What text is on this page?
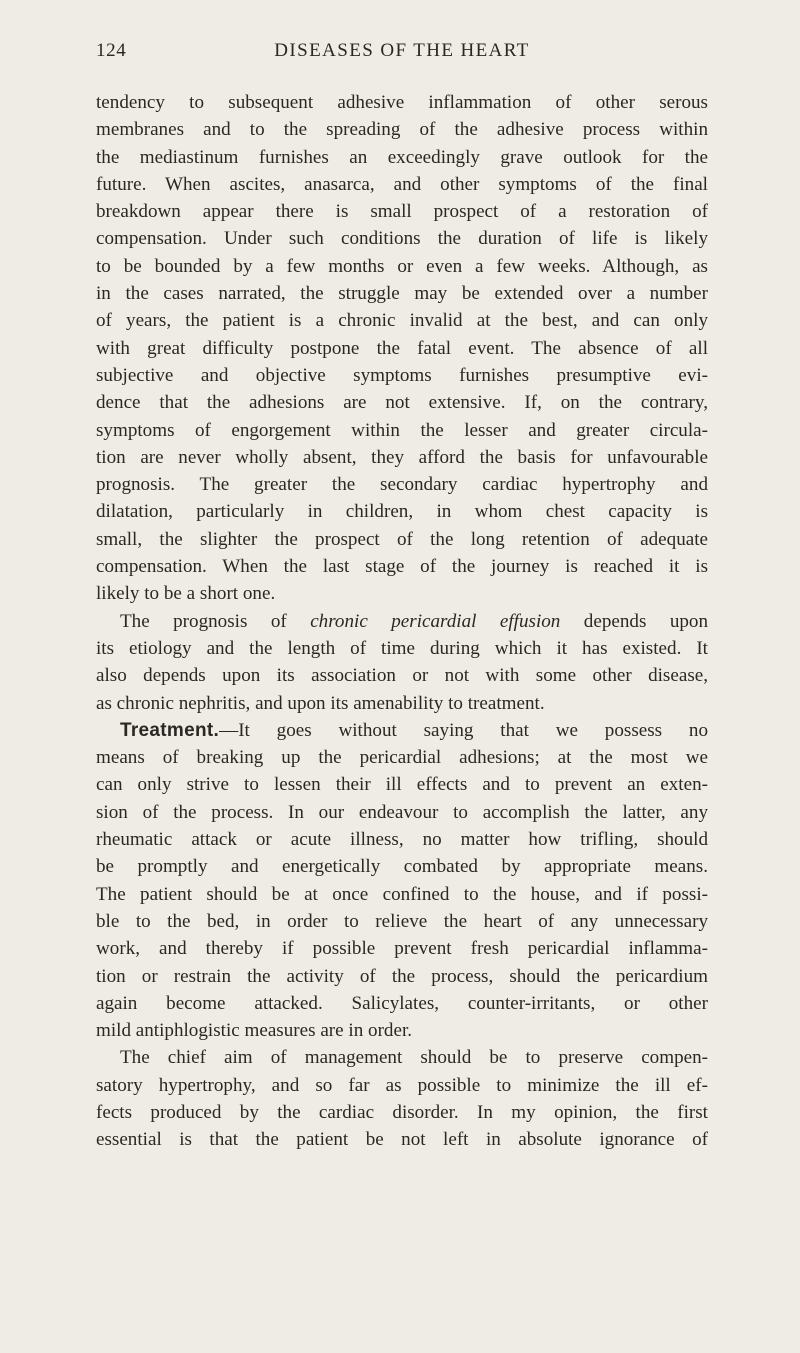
124	DISEASES OF THE HEART
tendency to subsequent adhesive inflammation of other serous
membranes and to the spreading of the adhesive process within
the mediastinum furnishes an exceedingly grave outlook for the
future. When ascites, anasarca, and other symptoms of the final
breakdown appear there is small prospect of a restoration of
compensation. Under such conditions the duration of life is likely
to be bounded by a few months or even a few weeks. Although, as
in the cases narrated, the struggle may be extended over a number
of years, the patient is a chronic invalid at the best, and can only
with great difficulty postpone the fatal event. The absence of all
subjective and objective symptoms furnishes presumptive evi-
dence that the adhesions are not extensive. If, on the contrary,
symptoms of engorgement within the lesser and greater circula-
tion are never wholly absent, they afford the basis for unfavourable
prognosis. The greater the secondary cardiac hypertrophy and
dilatation, particularly in children, in whom chest capacity is
small, the slighter the prospect of the long retention of adequate
compensation. When the last stage of the journey is reached it is
likely to be a short one.
The prognosis of chronic pericardial effusion depends upon
its etiology and the length of time during which it has existed. It
also depends upon its association or not with some other disease,
as chronic nephritis, and upon its amenability to treatment.
Treatment.—It goes without saying that we possess no
means of breaking up the pericardial adhesions; at the most we
can only strive to lessen their ill effects and to prevent an exten-
sion of the process. In our endeavour to accomplish the latter, any
rheumatic attack or acute illness, no matter how trifling, should
be promptly and energetically combated by appropriate means.
The patient should be at once confined to the house, and if possi-
ble to the bed, in order to relieve the heart of any unnecessary
work, and thereby if possible prevent fresh pericardial inflamma-
tion or restrain the activity of the process, should the pericardium
again become attacked. Salicylates, counter-irritants, or other
mild antiphlogistic measures are in order.
The chief aim of management should be to preserve compen-
satory hypertrophy, and so far as possible to minimize the ill ef-
fects produced by the cardiac disorder. In my opinion, the first
essential is that the patient be not left in absolute ignorance of
